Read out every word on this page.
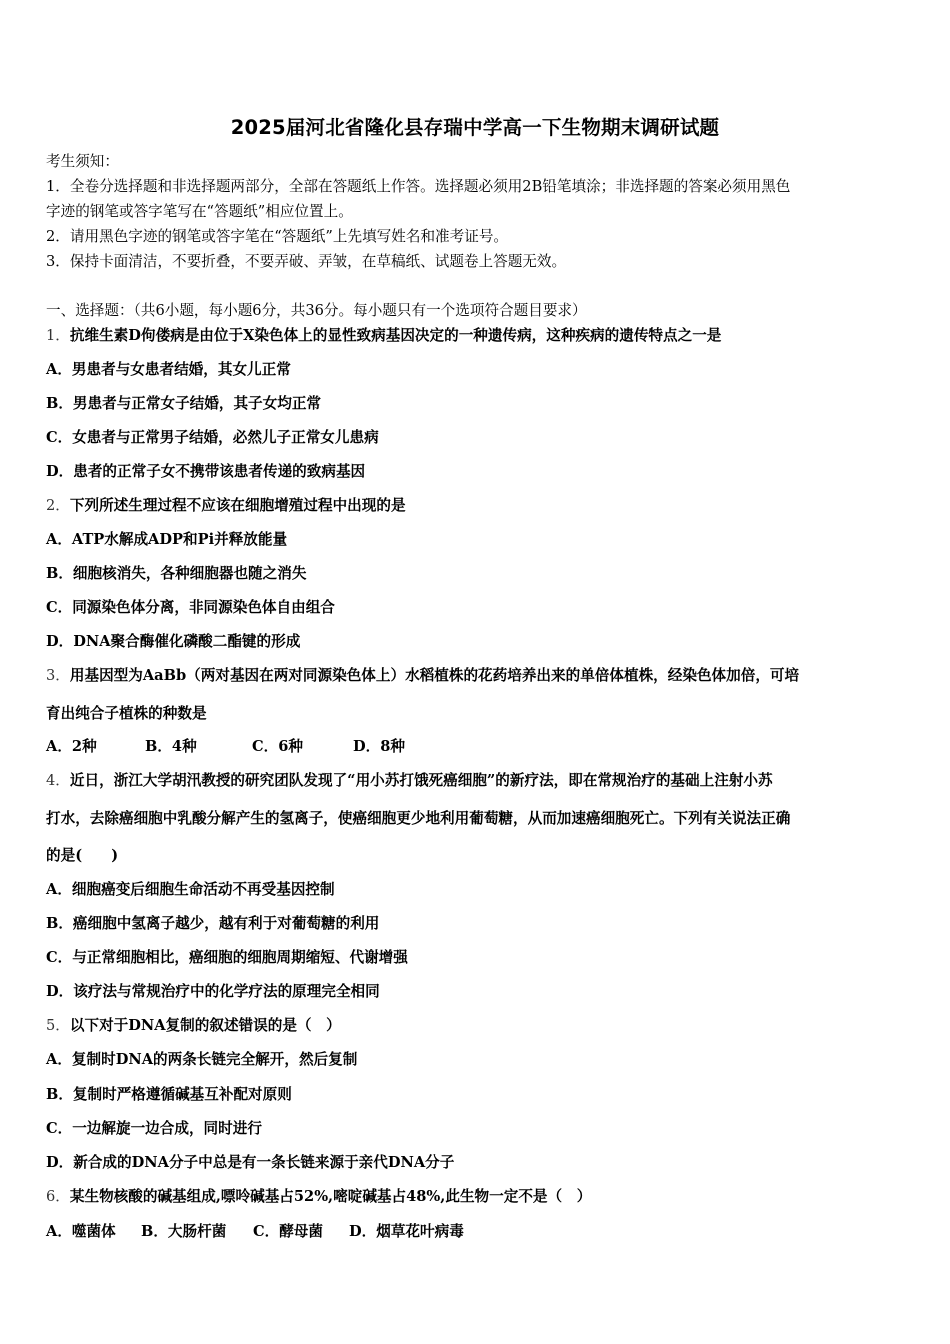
2025届河北省隆化县存瑞中学高一下生物期末调研试题
考生须知：
1．全卷分选择题和非选择题两部分，全部在答题纸上作答。选择题必须用2B铅笔填涂；非选择题的答案必须用黑色
字迹的钢笔或答字笔写在“答题纸”相应位置上。
2．请用黑色字迹的钢笔或答字笔在“答题纸”上先填写姓名和准考证号。
3．保持卡面清洁，不要折叠，不要弄破、弄皱，在草稿纸、试题卷上答题无效。
一、选择题：（共6小题，每小题6分，共36分。每小题只有一个选项符合题目要求）
1．抗维生素D佝偻病是由位于X染色体上的显性致病基因决定的一种遗传病，这种疾病的遗传特点之一是
A．男患者与女患者结婚，其女儿正常
B．男患者与正常女子结婚，其子女均正常
C．女患者与正常男子结婚，必然儿子正常女儿患病
D．患者的正常子女不携带该患者传递的致病基因
2．下列所述生理过程不应该在细胞增殖过程中出现的是
A．ATP水解成ADP和Pi并释放能量
B．细胞核消失，各种细胞器也随之消失
C．同源染色体分离，非同源染色体自由组合
D．DNA聚合酶催化磷酸二酯键的形成
3．用基因型为AaBb（两对基因在两对同源染色体上）水稻植株的花药培养出来的单倍体植株，经染色体加倍，可培
育出纯合子植株的种数是
A．2种	B．4种	C．6种	D．8种
4．近日，浙江大学胡汛教授的研究团队发现了“用小苏打饿死癌细胞”的新疗法，即在常规治疗的基础上注射小苏
打水，去除癌细胞中乳酸分解产生的氢离子，使癌细胞更少地利用葡萄糖，从而加速癌细胞死亡。下列有关说法正确
的是(　　)
A．细胞癌变后细胞生命活动不再受基因控制
B．癌细胞中氢离子越少，越有利于对葡萄糖的利用
C．与正常细胞相比，癌细胞的细胞周期缩短、代谢增强
D．该疗法与常规治疗中的化学疗法的原理完全相同
5．以下对于DNA复制的叙述错误的是（　）
A．复制时DNA的两条长链完全解开，然后复制
B．复制时严格遵循碱基互补配对原则
C．一边解旋一边合成，同时进行
D．新合成的DNA分子中总是有一条长链来源于亲代DNA分子
6．某生物核酸的碱基组成,嘌呤碱基占52%,嘧啶碱基占48%,此生物一定不是（　）
A．噬菌体 B．大肠杆菌 C．酵母菌 D．烟草花叶病毒
